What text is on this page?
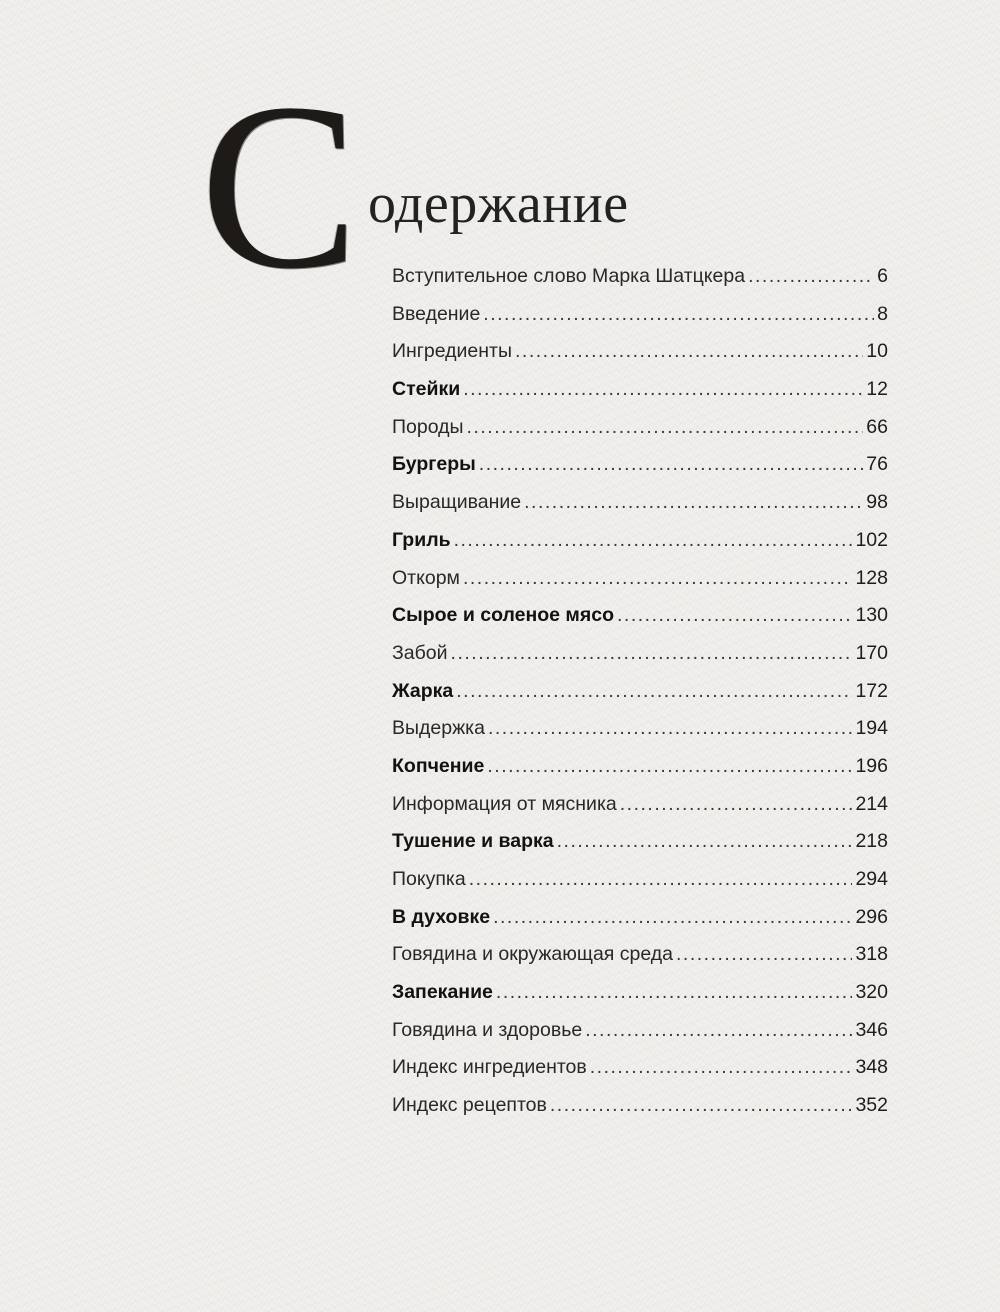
С одержание
Вступительное слово Марка Шатцкера .....	6
Введение .....	8
Ингредиенты .....	10
Стейки .....	12
Породы .....	66
Бургеры .....	76
Выращивание .....	98
Гриль .....	102
Откорм .....	128
Сырое и соленое мясо .....	130
Забой .....	170
Жарка .....	172
Выдержка .....	194
Копчение .....	196
Информация от мясника .....	214
Тушение и варка .....	218
Покупка .....	294
В духовке .....	296
Говядина и окружающая среда .....	318
Запекание .....	320
Говядина и здоровье .....	346
Индекс ингредиентов .....	348
Индекс рецептов .....	352
